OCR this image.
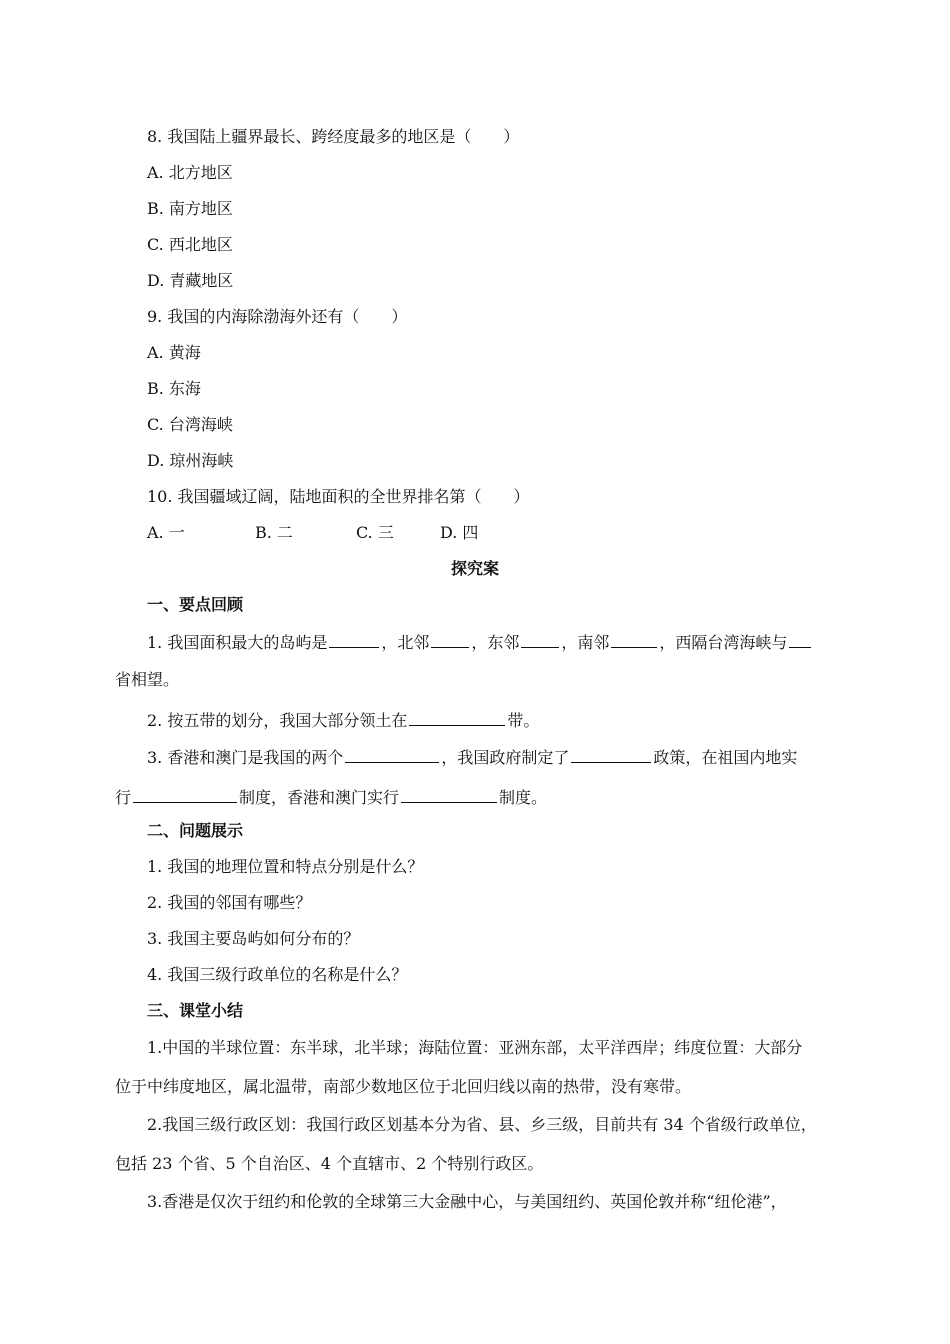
8. 我国陆上疆界最长、跨经度最多的地区是（　　）
A. 北方地区
B. 南方地区
C. 西北地区
D. 青藏地区
9. 我国的内海除渤海外还有（　　）
A. 黄海
B. 东海
C. 台湾海峡
D. 琼州海峡
10. 我国疆域辽阔，陆地面积的全世界排名第（　　）
A. 一	B. 二	C. 三	D. 四
探究案
一、要点回顾
1. 我国面积最大的岛屿是	，北邻	，东邻	，南邻	，西隔台湾海峡与
省相望。
2. 按五带的划分，我国大部分领土在	带。
3. 香港和澳门是我国的两个	，我国政府制定了	政策，在祖国内地实
行	制度，香港和澳门实行	制度。
二、问题展示
1. 我国的地理位置和特点分别是什么？
2. 我国的邻国有哪些？
3. 我国主要岛屿如何分布的？
4. 我国三级行政单位的名称是什么？
三、课堂小结
1.中国的半球位置：东半球，北半球；海陆位置：亚洲东部，太平洋西岸；纬度位置：大部分
位于中纬度地区，属北温带，南部少数地区位于北回归线以南的热带，没有寒带。
2.我国三级行政区划：我国行政区划基本分为省、县、乡三级，目前共有 34 个省级行政单位，
包括 23 个省、5 个自治区、4 个直辖市、2 个特别行政区。
3.香港是仅次于纽约和伦敦的全球第三大金融中心，与美国纽约、英国伦敦并称“纽伦港”，
